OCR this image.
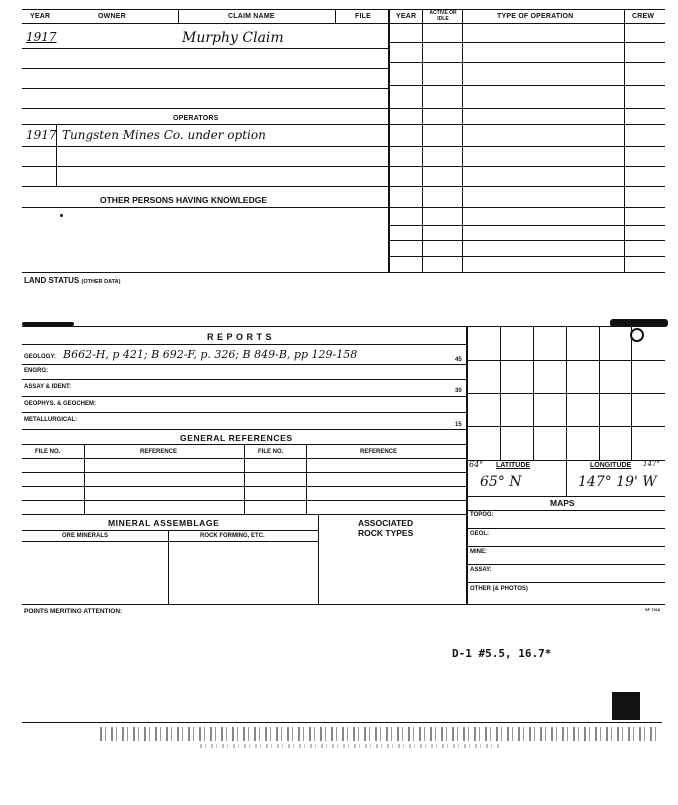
YEAR	OWNER	CLAIM NAME	FILE	YEAR	ACTIVE OR IDLE	TYPE OF OPERATION	CREW
1917	Murphy Claim
OPERATORS
1917 Tungsten Mines Co. under option
OTHER PERSONS HAVING KNOWLEDGE
LAND STATUS (OTHER DATA)
REPORTS
GEOLOGY: B662-H, p 421; B 692-F, p. 326; B 849-B, pp 129-158	45
ENGRG:
ASSAY & IDENT:
30
GEOPHYS. & GEOCHEM:
METALLURGICAL:
15
GENERAL REFERENCES
FILE NO.	REFERENCE	FILE NO.	REFERENCE
MINERAL ASSEMBLAGE	ASSOCIATED
ROCK TYPES
ORE MINERALS	ROCK FORMING, ETC.
64° LATITUDE	LONGITUDE 147°
65° N	147° 19' W
MAPS
TOPOG:
GEOL:
MINE:
ASSAY:
OTHER (& PHOTOS)
POINTS MERITING ATTENTION:	SF 7318
D-1 #5.5, 16.7*
